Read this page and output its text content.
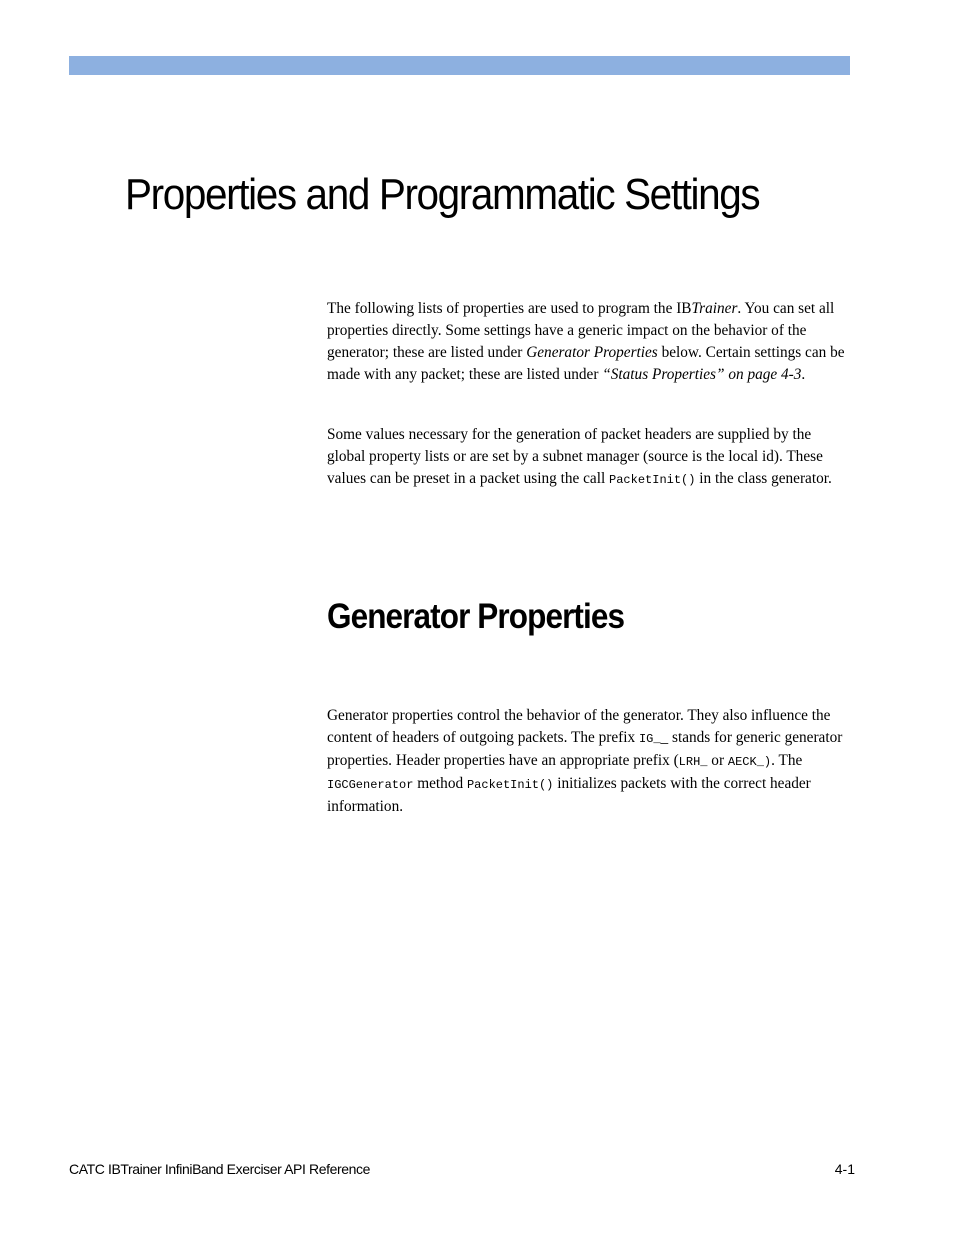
Properties and Programmatic Settings

The following lists of properties are used to program the IBTrainer. You can set all properties directly. Some settings have a generic impact on the behavior of the generator; these are listed under Generator Properties below. Certain settings can be made with any packet; these are listed under “Status Properties” on page 4-3.

Some values necessary for the generation of packet headers are supplied by the global property lists or are set by a subnet manager (source is the local id). These values can be preset in a packet using the call PacketInit() in the class generator.

Generator Properties

Generator properties control the behavior of the generator. They also influence the content of headers of outgoing packets. The prefix IG__ stands for generic generator properties. Header properties have an appropriate prefix (LRH_ or AECK_). The IGCGenerator method PacketInit() initializes packets with the correct header information.

CATC IBTrainer InfiniBand Exerciser API Reference	4-1
